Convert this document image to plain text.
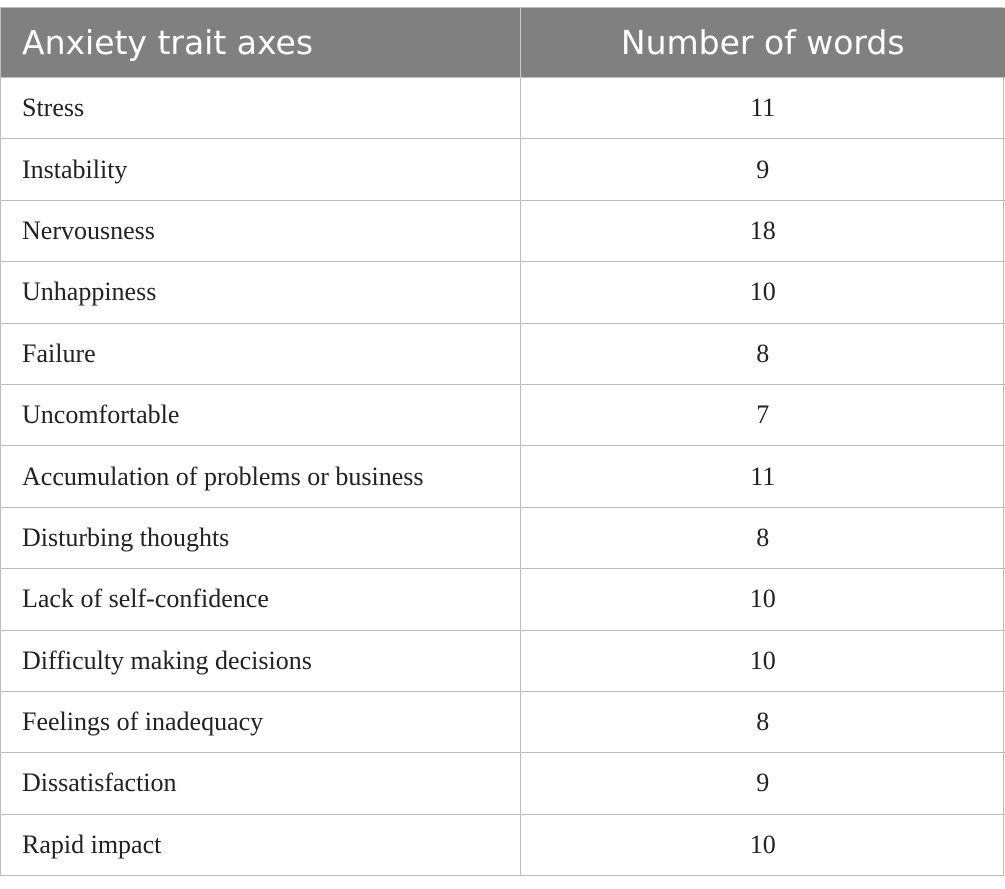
Anxiety trait axes	Number of words
Stress	11
Instability	9
Nervousness	18
Unhappiness	10
Failure	8
Uncomfortable	7
Accumulation of problems or business	11
Disturbing thoughts	8
Lack of self-confidence	10
Difficulty making decisions	10
Feelings of inadequacy	8
Dissatisfaction	9
Rapid impact	10
